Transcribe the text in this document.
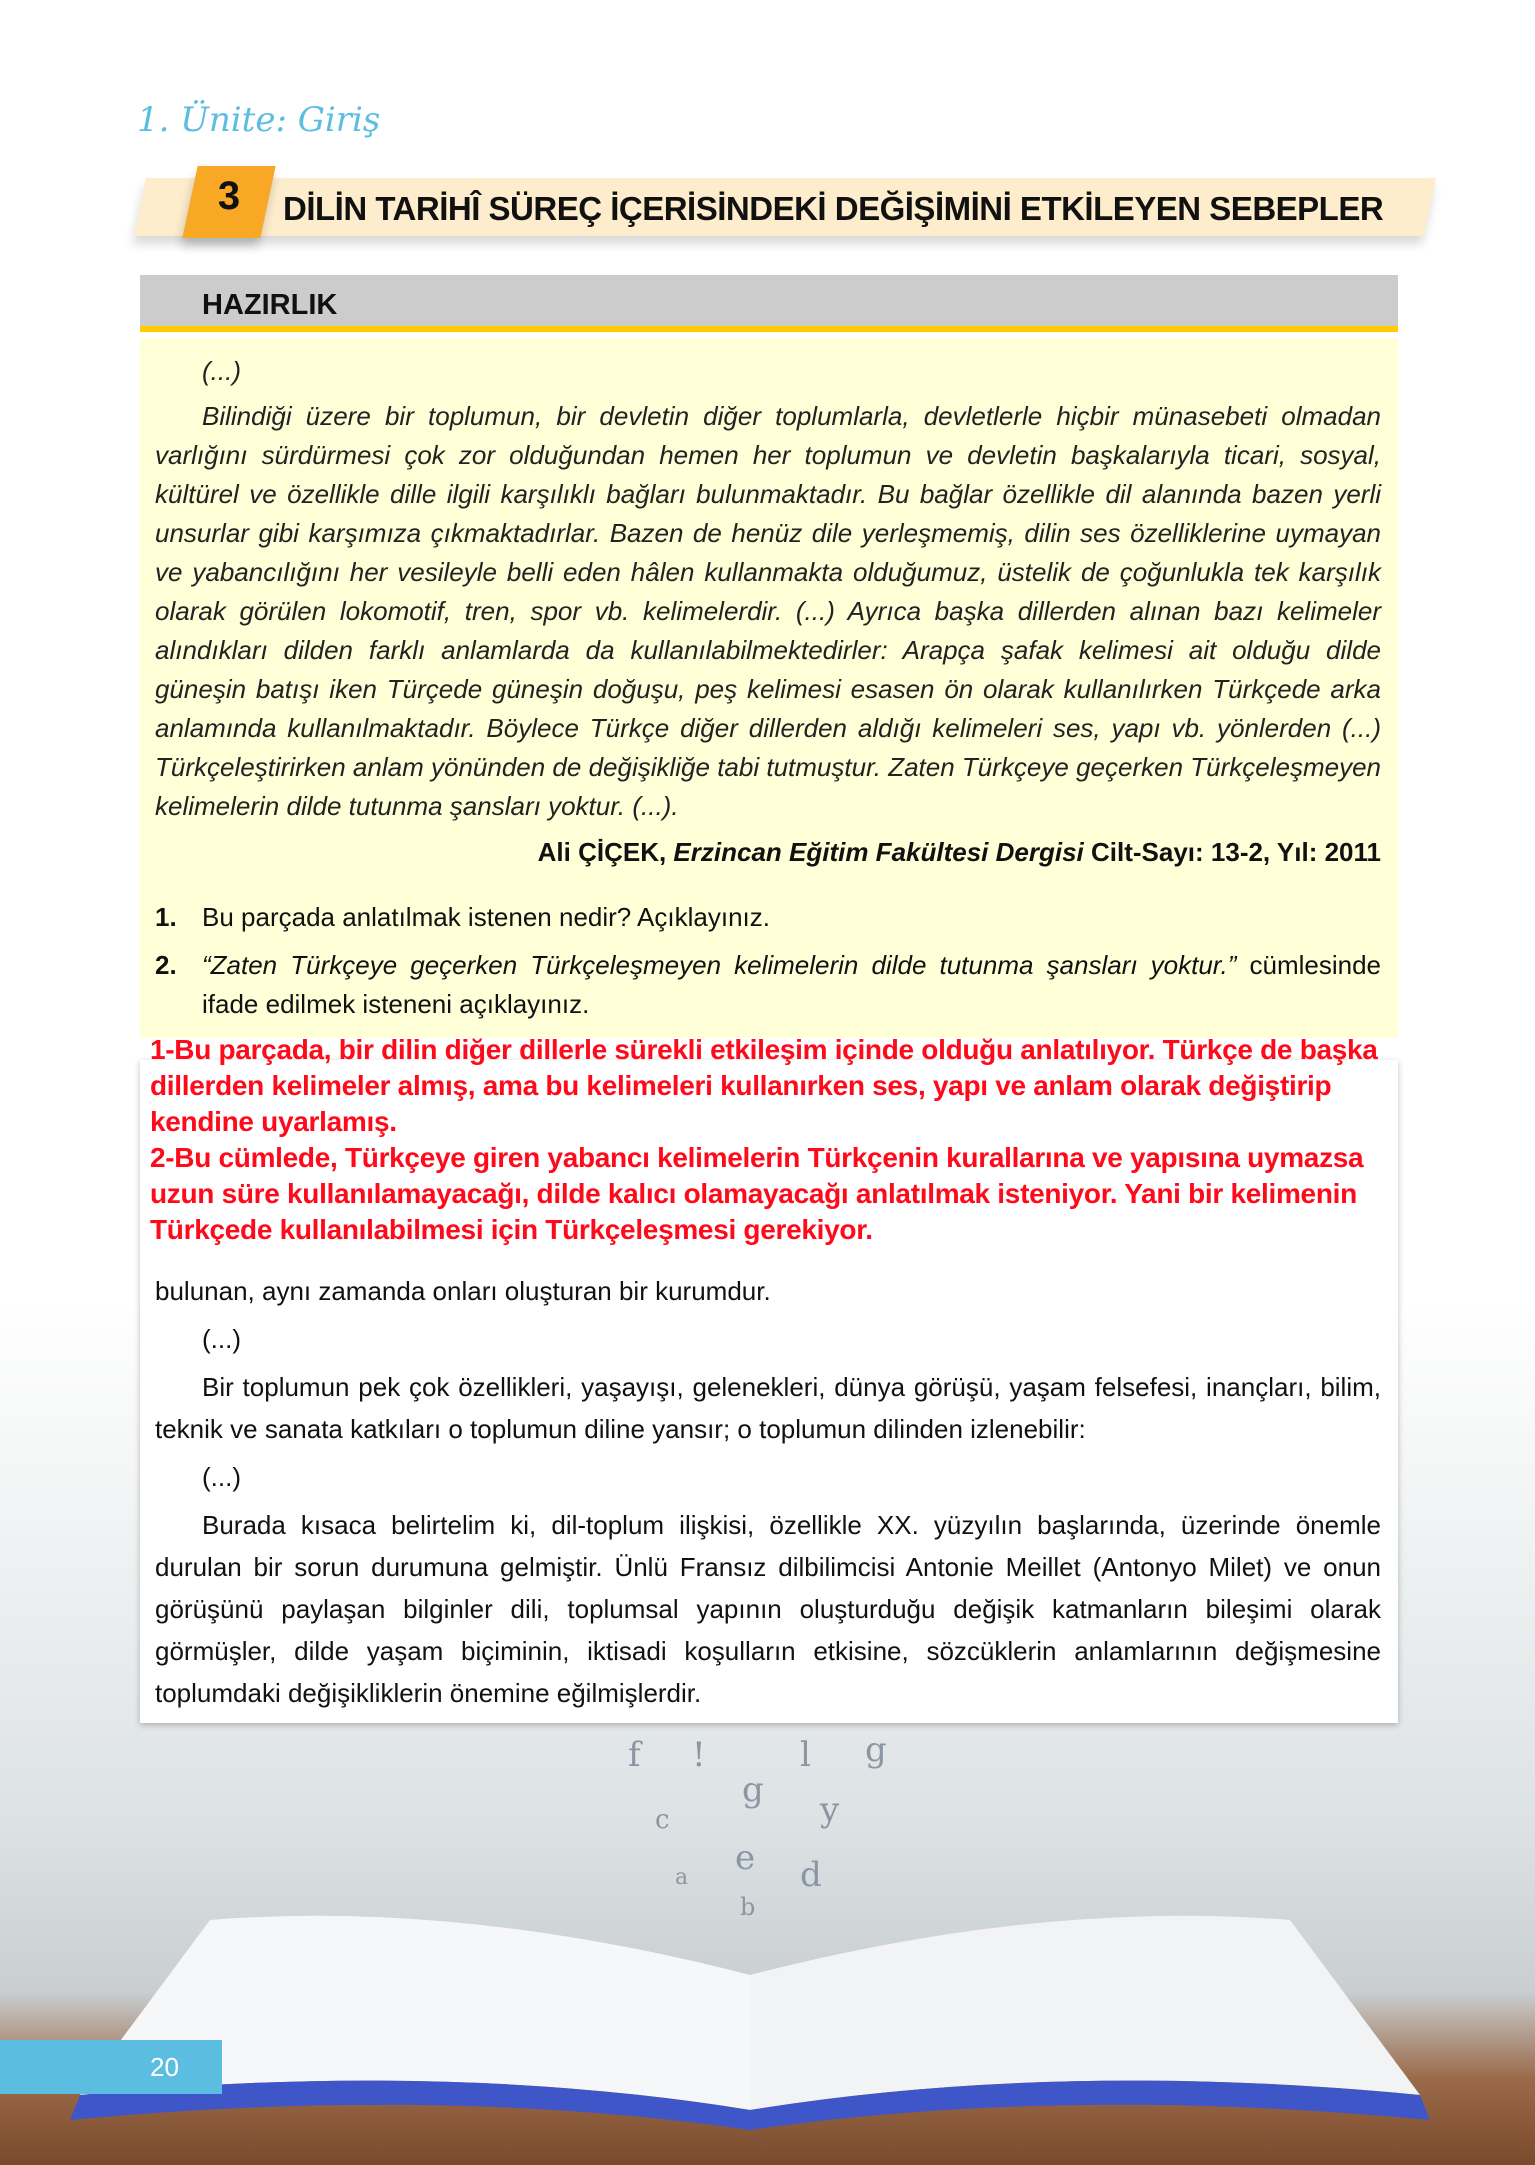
f !	l g
g y
c
e d
a
b
1. Ünite: Giriş
3	DİLİN TARİHÎ SÜREÇ İÇERİSİNDEKİ DEĞİŞİMİNİ ETKİLEYEN SEBEPLER
HAZIRLIK
(...)
Bilindiği üzere bir toplumun, bir devletin diğer toplumlarla, devletlerle hiçbir münasebeti olmadan varlığını sürdürmesi çok zor olduğundan hemen her toplumun ve devletin başkalarıyla ticari, sosyal, kültürel ve özellikle dille ilgili karşılıklı bağları bulunmaktadır. Bu bağlar özellikle dil alanında bazen yerli unsurlar gibi karşımıza çıkmaktadırlar. Bazen de henüz dile yerleşmemiş, dilin ses özelliklerine uymayan ve yabancılığını her vesileyle belli eden hâlen kullanmakta olduğumuz, üstelik de çoğunlukla tek karşılık olarak görülen lokomotif, tren, spor vb. kelimelerdir. (...) Ayrıca başka dillerden alınan bazı kelimeler alındıkları dilden farklı anlamlarda da kullanılabilmektedirler: Arapça şafak kelimesi ait olduğu dilde güneşin batışı iken Türçede güneşin doğuşu, peş kelimesi esasen ön olarak kullanılırken Türkçede arka anlamında kullanılmaktadır. Böylece Türkçe diğer dillerden aldığı kelimeleri ses, yapı vb. yönlerden (...) Türkçeleştirirken anlam yönünden de değişikliğe tabi tutmuştur. Zaten Türkçeye geçerken Türkçeleşmeyen kelimelerin dilde tutunma şansları yoktur. (...).
Ali ÇİÇEK, Erzincan Eğitim Fakültesi Dergisi Cilt-Sayı: 13-2, Yıl: 2011
1. Bu parçada anlatılmak istenen nedir? Açıklayınız.
2. “Zaten Türkçeye geçerken Türkçeleşmeyen kelimelerin dilde tutunma şansları yoktur.” cümlesinde ifade edilmek isteneni açıklayınız.
1-Bu parçada, bir dilin diğer dillerle sürekli etkileşim içinde olduğu anlatılıyor. Türkçe de başka dillerden kelimeler almış, ama bu kelimeleri kullanırken ses, yapı ve anlam olarak değiştirip kendine uyarlamış.
2-Bu cümlede, Türkçeye giren yabancı kelimelerin Türkçenin kurallarına ve yapısına uymazsa uzun süre kullanılamayacağı, dilde kalıcı olamayacağı anlatılmak isteniyor. Yani bir kelimenin Türkçede kullanılabilmesi için Türkçeleşmesi gerekiyor.
bulunan, aynı zamanda onları oluşturan bir kurumdur.
(...)
Bir toplumun pek çok özellikleri, yaşayışı, gelenekleri, dünya görüşü, yaşam felsefesi, inançları, bilim, teknik ve sanata katkıları o toplumun diline yansır; o toplumun dilinden izlenebilir:
(...)
Burada kısaca belirtelim ki, dil-toplum ilişkisi, özellikle XX. yüzyılın başlarında, üzerinde önemle durulan bir sorun durumuna gelmiştir. Ünlü Fransız dilbilimcisi Antonie Meillet (Antonyo Milet) ve onun görüşünü paylaşan bilginler dili, toplumsal yapının oluşturduğu değişik katmanların bileşimi olarak görmüşler, dilde yaşam biçiminin, iktisadi koşulların etkisine, sözcüklerin anlamlarının değişmesine toplumdaki değişikliklerin önemine eğilmişlerdir.
20
